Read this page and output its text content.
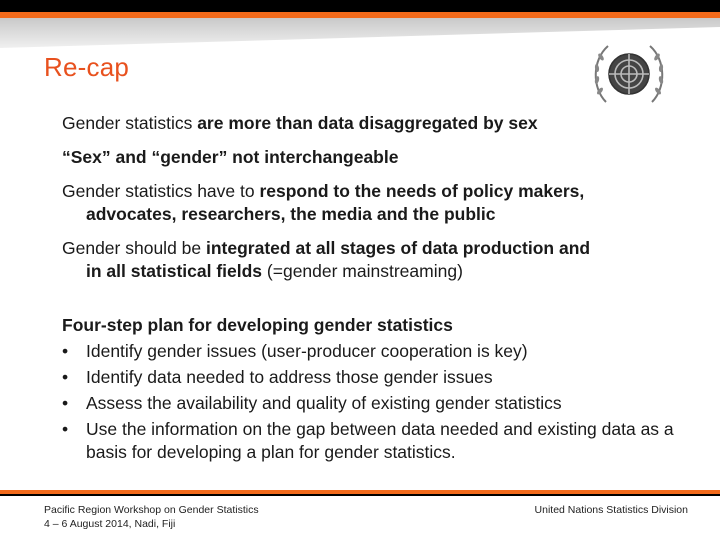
Re-cap

Gender statistics are more than data disaggregated by sex

“Sex” and “gender” not interchangeable

Gender statistics have to respond to the needs of policy makers,
advocates, researchers, the media and the public

Gender should be integrated at all stages of data production and
in all statistical fields (=gender mainstreaming)

Four-step plan for developing gender statistics

• Identify gender issues (user-producer cooperation is key)
• Identify data needed to address those gender issues
• Assess the availability and quality of existing gender statistics
• Use the information on the gap between data needed and existing data as a basis for developing a plan for gender statistics.
Pacific Region Workshop on Gender Statistics
4 – 6 August 2014, Nadi, Fiji
United Nations Statistics Division
